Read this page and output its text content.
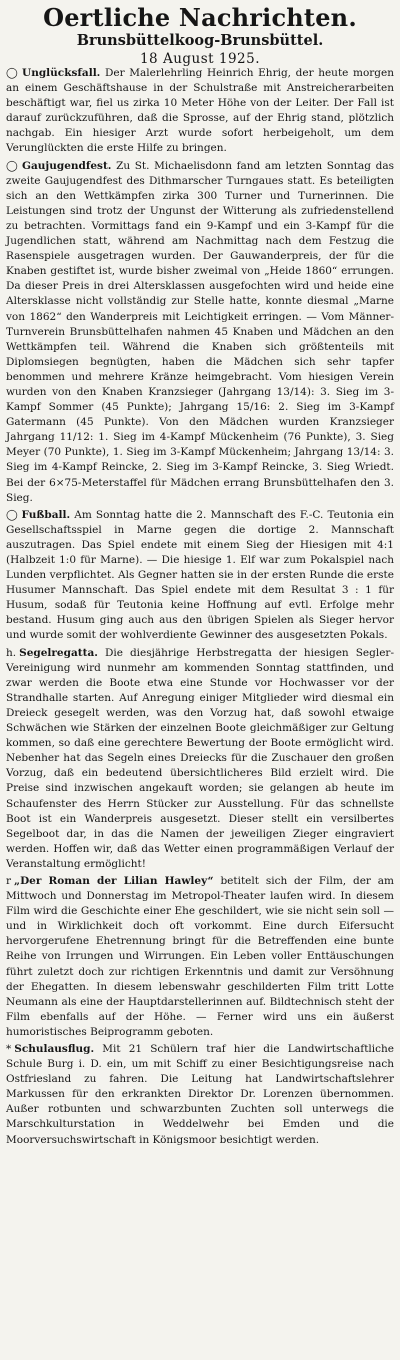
Oertliche Nachrichten.
Brunsbüttelkoog-Brunsbüttel.
18 August 1925.

◯ Unglücksfall. Der Malerlehrling Heinrich Ehrig, der heute morgen an einem Geschäftshause in der Schulstraße mit Anstreicherarbeiten beschäftigt war, fiel us zirka 10 Meter Höhe von der Leiter. Der Fall ist darauf zurückzuführen, daß die Sprosse, auf der Ehrig stand, plötzlich nachgab. Ein hiesiger Arzt wurde sofort herbeigeholt, um dem Verunglückten die erste Hilfe zu bringen.

◯ Gaujugendfest. Zu St. Michaelisdonn fand am letzten Sonntag das zweite Gaujugendfest des Dithmarscher Turngaues statt. Es beteiligten sich an den Wettkämpfen zirka 300 Turner und Turnerinnen. Die Leistungen sind trotz der Ungunst der Witterung als zufriedenstellend zu betrachten. Vormittags fand ein 9-Kampf und ein 3-Kampf für die Jugendlichen statt, während am Nachmittag nach dem Festzug die Rasenspiele ausgetragen wurden. Der Gauwanderpreis, der für die Knaben gestiftet ist, wurde bisher zweimal von „Heide 1860“ errungen. Da dieser Preis in drei Altersklassen ausgefochten wird und heide eine Altersklasse nicht vollständig zur Stelle hatte, konnte diesmal „Marne von 1862“ den Wanderpreis mit Leichtigkeit erringen. — Vom Männer-Turnverein Brunsbüttelhafen nahmen 45 Knaben und Mädchen an den Wettkämpfen teil. Während die Knaben sich größtenteils mit Diplomsiegen begnügten, haben die Mädchen sich sehr tapfer benommen und mehrere Kränze heimgebracht. Vom hiesigen Verein wurden von den Knaben Kranzsieger (Jahrgang 13/14): 3. Sieg im 3-Kampf Sommer (45 Punkte); Jahrgang 15/16: 2. Sieg im 3-Kampf Gatermann (45 Punkte). Von den Mädchen wurden Kranzsieger Jahrgang 11/12: 1. Sieg im 4-Kampf Mückenheim (76 Punkte), 3. Sieg Meyer (70 Punkte), 1. Sieg im 3-Kampf Mückenheim; Jahrgang 13/14: 3. Sieg im 4-Kampf Reincke, 2. Sieg im 3-Kampf Reincke, 3. Sieg Wriedt. Bei der 6×75-Meterstaffel für Mädchen errang Brunsbüttelhafen den 3. Sieg.

◯ Fußball. Am Sonntag hatte die 2. Mannschaft des F.-C. Teutonia ein Gesellschaftsspiel in Marne gegen die dortige 2. Mannschaft auszutragen. Das Spiel endete mit einem Sieg der Hiesigen mit 4:1 (Halbzeit 1:0 für Marne). — Die hiesige 1. Elf war zum Pokalspiel nach Lunden verpflichtet. Als Gegner hatten sie in der ersten Runde die erste Husumer Mannschaft. Das Spiel endete mit dem Resultat 3 : 1 für Husum, sodaß für Teutonia keine Hoffnung auf evtl. Erfolge mehr bestand. Husum ging auch aus den übrigen Spielen als Sieger hervor und wurde somit der wohlverdiente Gewinner des ausgesetzten Pokals.

h. Segelregatta. Die diesjährige Herbstregatta der hiesigen Segler-Vereinigung wird nunmehr am kommenden Sonntag stattfinden, und zwar werden die Boote etwa eine Stunde vor Hochwasser vor der Strandhalle starten. Auf Anregung einiger Mitglieder wird diesmal ein Dreieck gesegelt werden, was den Vorzug hat, daß sowohl etwaige Schwächen wie Stärken der einzelnen Boote gleichmäßiger zur Geltung kommen, so daß eine gerechtere Bewertung der Boote ermöglicht wird. Nebenher hat das Segeln eines Dreiecks für die Zuschauer den großen Vorzug, daß ein bedeutend übersichtlicheres Bild erzielt wird. Die Preise sind inzwischen angekauft worden; sie gelangen ab heute im Schaufenster des Herrn Stücker zur Ausstellung. Für das schnellste Boot ist ein Wanderpreis ausgesetzt. Dieser stellt ein versilbertes Segelboot dar, in das die Namen der jeweiligen Zieger eingraviert werden. Hoffen wir, daß das Wetter einen programmäßigen Verlauf der Veranstaltung ermöglicht!

r „Der Roman der Lilian Hawley“ betitelt sich der Film, der am Mittwoch und Donnerstag im Metropol-Theater laufen wird. In diesem Film wird die Geschichte einer Ehe geschildert, wie sie nicht sein soll — und in Wirklichkeit doch oft vorkommt. Eine durch Eifersucht hervorgerufene Ehetrennung bringt für die Betreffenden eine bunte Reihe von Irrungen und Wirrungen. Ein Leben voller Enttäuschungen führt zuletzt doch zur richtigen Erkenntnis und damit zur Versöhnung der Ehegatten. In diesem lebenswahr geschilderten Film tritt Lotte Neumann als eine der Hauptdarstellerinnen auf. Bildtechnisch steht der Film ebenfalls auf der Höhe. — Ferner wird uns ein äußerst humoristisches Beiprogramm geboten.

* Schulausflug. Mit 21 Schülern traf hier die Landwirtschaftliche Schule Burg i. D. ein, um mit Schiff zu einer Besichtigungsreise nach Ostfriesland zu fahren. Die Leitung hat Landwirtschaftslehrer Markussen für den erkrankten Direktor Dr. Lorenzen übernommen. Außer rotbunten und schwarzbunten Zuchten soll unterwegs die Marschkulturstation in Weddelwehr bei Emden und die Moorversuchswirtschaft in Königsmoor besichtigt werden.
